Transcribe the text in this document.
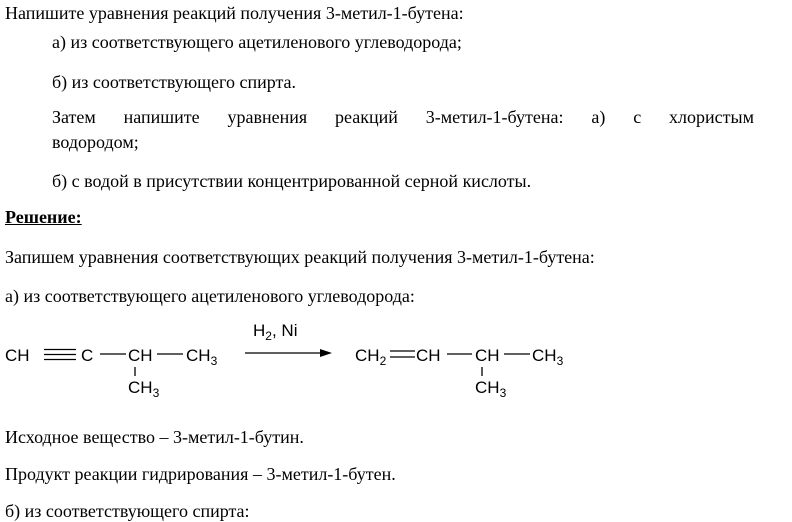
Напишите уравнения реакций получения 3-метил-1-бутена:
а) из соответствующего ацетиленового углеводорода;
б) из соответствующего спирта.
Затем напишите уравнения реакций 3-метил-1-бутена: а) с хлористым
водородом;
б) с водой в присутствии концентрированной серной кислоты.
Решение:
Запишем уравнения соответствующих реакций получения 3-метил-1-бутена:
а) из соответствующего ацетиленового углеводорода:
CH	C CH $CH_3$
$CH_3$
$H_2$, Ni
$CH_2$ CH CH $CH_3$
$CH_3$
Исходное вещество – 3-метил-1-бутин.
Продукт реакции гидрирования – 3-метил-1-бутен.
б) из соответствующего спирта:
